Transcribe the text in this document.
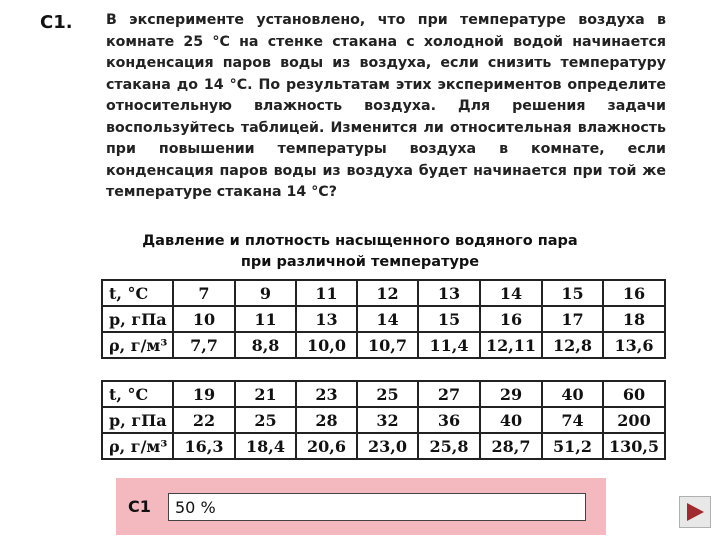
С1. В эксперименте установлено, что при температуре воздуха в комнате 25 °С на стенке стакана с холодной водой начинается конденсация паров воды из воздуха, если снизить температуру стакана до 14 °С. По результатам этих экспериментов определите относительную влажность воздуха. Для решения задачи воспользуйтесь таблицей. Изменится ли относительная влажность при повышении температуры воздуха в комнате, если конденсация паров воды из воздуха будет начинается при той же температуре стакана 14 °С?
Давление и плотность насыщенного водяного пара
при различной температуре
t, °С	7	9	11	12	13	14	15	16
p, гПа	10	11	13	14	15	16	17	18
ρ, г/м³	7,7	8,8	10,0	10,7	11,4	12,11	12,8	13,6
t, °С	19	21	23	25	27	29	40	60
p, гПа	22	25	28	32	36	40	74	200
ρ, г/м³	16,3	18,4	20,6	23,0	25,8	28,7	51,2	130,5
С1	50 %
